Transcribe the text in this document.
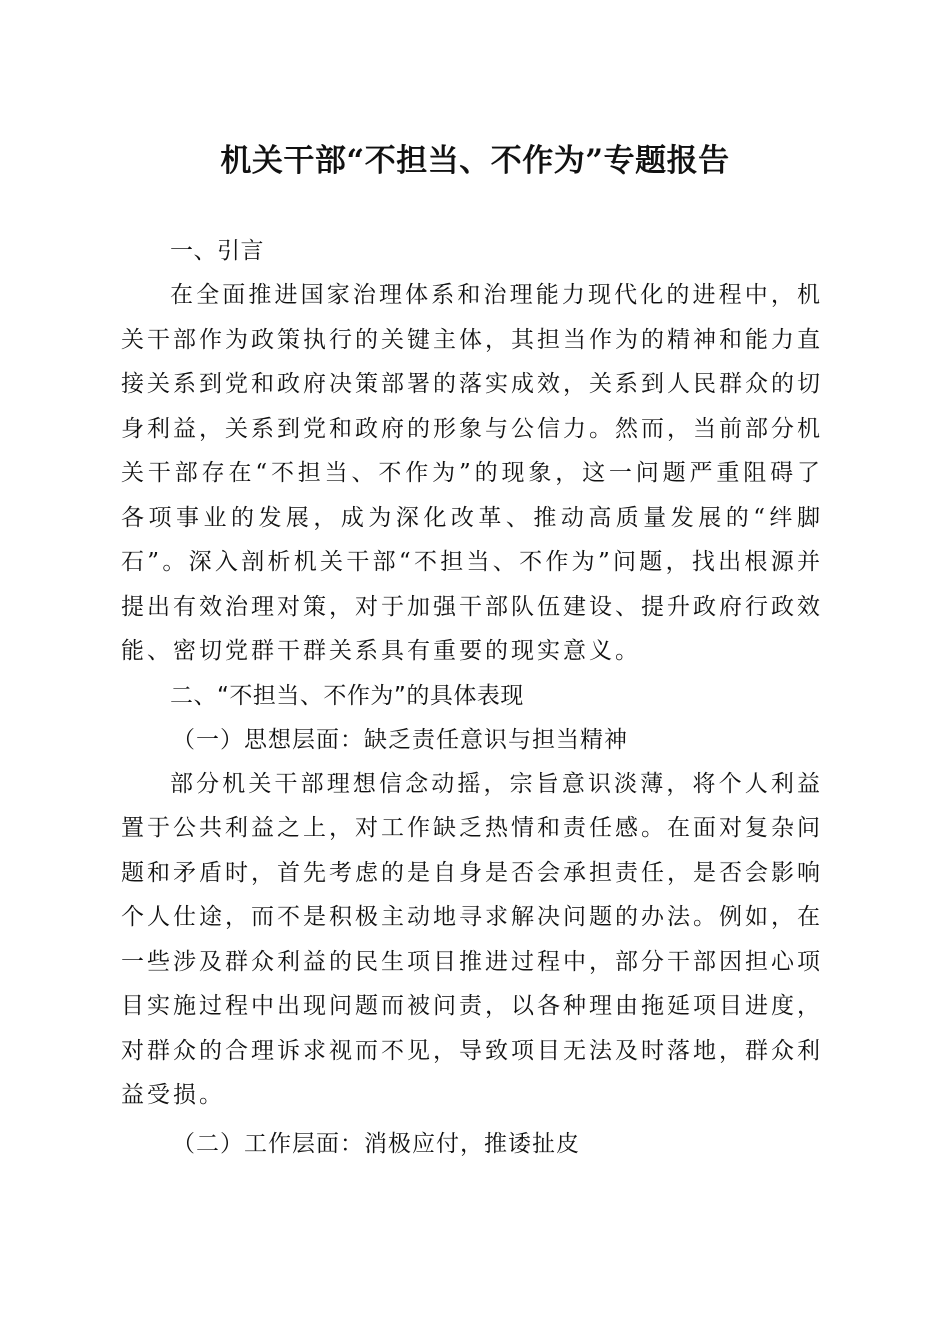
机关干部“不担当、不作为”专题报告
一、引言

在全面推进国家治理体系和治理能力现代化的进程中，机关干部作为政策执行的关键主体，其担当作为的精神和能力直接关系到党和政府决策部署的落实成效，关系到人民群众的切身利益，关系到党和政府的形象与公信力。然而，当前部分机关干部存在“不担当、不作为”的现象，这一问题严重阻碍了各项事业的发展，成为深化改革、推动高质量发展的“绊脚石”。深入剖析机关干部“不担当、不作为”问题，找出根源并提出有效治理对策，对于加强干部队伍建设、提升政府行政效能、密切党群干群关系具有重要的现实意义。

二、“不担当、不作为”的具体表现
（一）思想层面：缺乏责任意识与担当精神

部分机关干部理想信念动摇，宗旨意识淡薄，将个人利益置于公共利益之上，对工作缺乏热情和责任感。在面对复杂问题和矛盾时，首先考虑的是自身是否会承担责任，是否会影响个人仕途，而不是积极主动地寻求解决问题的办法。例如，在一些涉及群众利益的民生项目推进过程中，部分干部因担心项目实施过程中出现问题而被问责，以各种理由拖延项目进度，对群众的合理诉求视而不见，导致项目无法及时落地，群众利益受损。

（二）工作层面：消极应付，推诿扯皮
